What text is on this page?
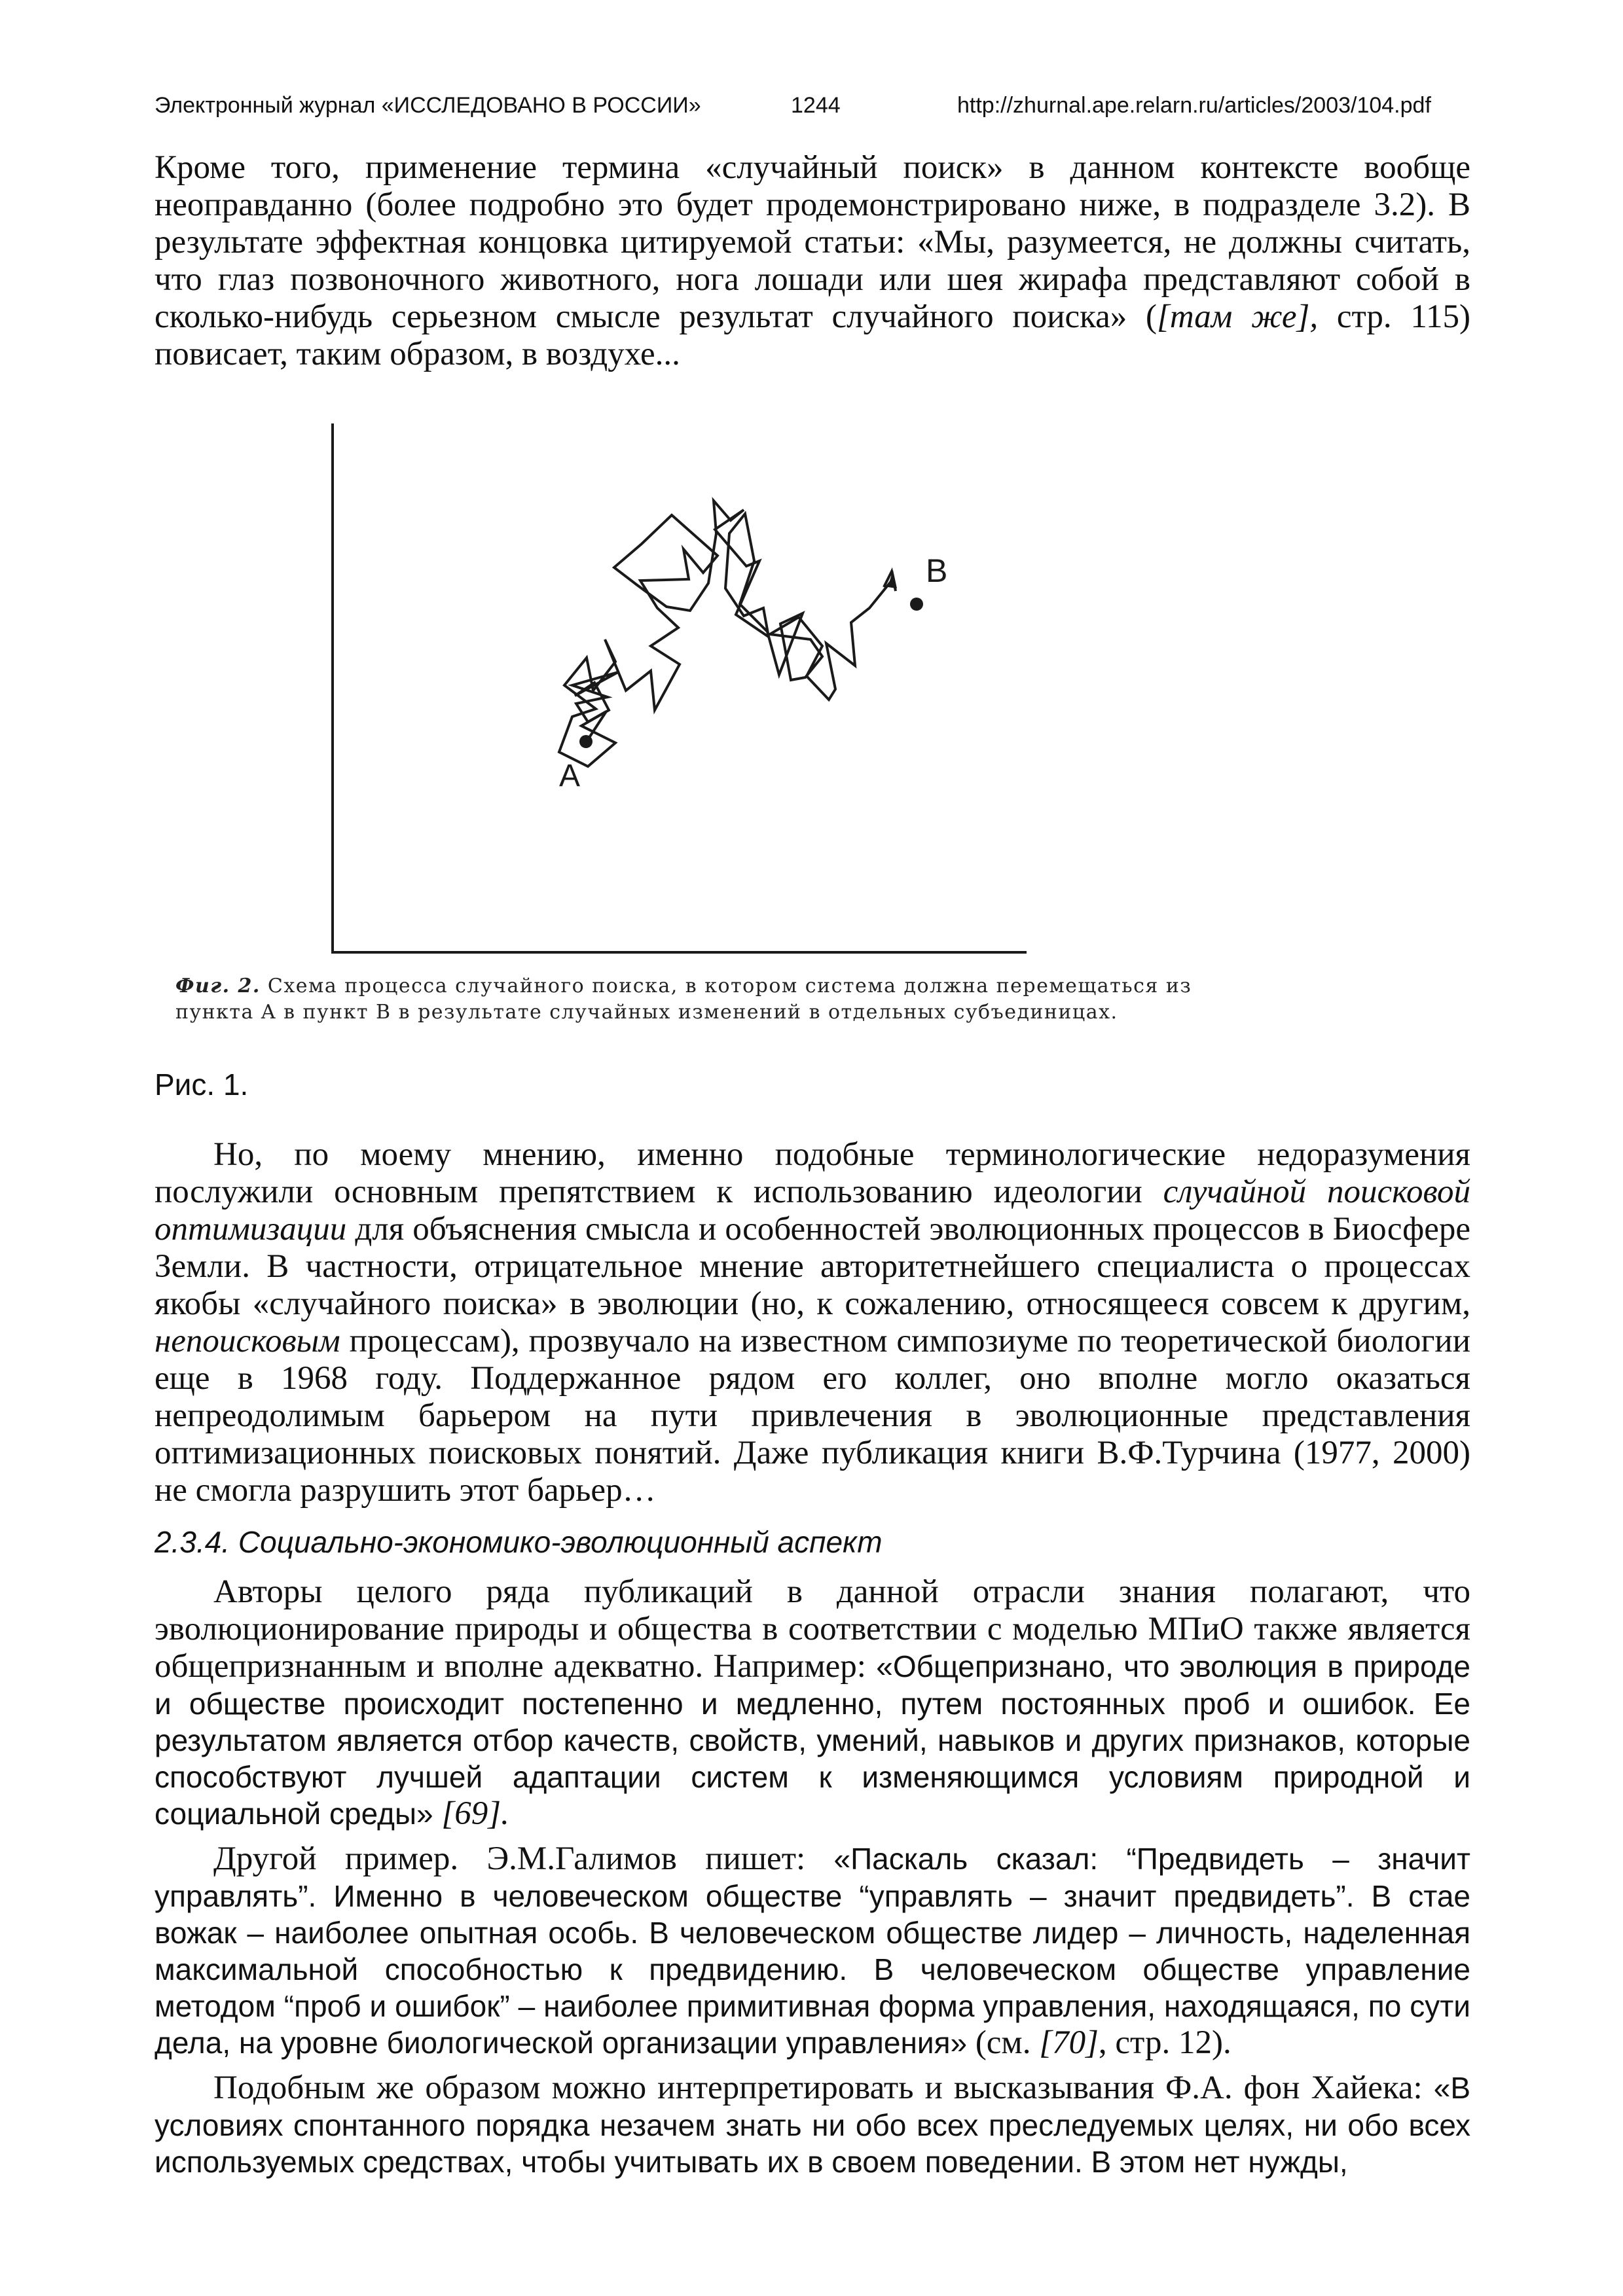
Электронный журнал «ИССЛЕДОВАНО В РОССИИ»	1244	http://zhurnal.ape.relarn.ru/articles/2003/104.pdf

Кроме того, применение термина «случайный поиск» в данном контексте вообще неоправданно (более подробно это будет продемонстрировано ниже, в подразделе 3.2). В результате эффектная концовка цитируемой статьи: «Мы, разумеется, не должны считать, что глаз позвоночного животного, нога лошади или шея жирафа представляют собой в сколько-нибудь серьезном смысле результат случайного поиска» ([там же], стр. 115) повисает, таким образом, в воздухе...

A
B
Фиг. 2. Схема процесса случайного поиска, в котором система должна перемещаться из пункта A в пункт B в результате случайных изменений в отдельных субъединицах.
Рис. 1.

Но, по моему мнению, именно подобные терминологические недоразумения послужили основным препятствием к использованию идеологии случайной поисковой оптимизации для объяснения смысла и особенностей эволюционных процессов в Биосфере Земли. В частности, отрицательное мнение авторитетнейшего специалиста о процессах якобы «случайного поиска» в эволюции (но, к сожалению, относящееся совсем к другим, непоисковым процессам), прозвучало на известном симпозиуме по теоретической биологии еще в 1968 году. Поддержанное рядом его коллег, оно вполне могло оказаться непреодолимым барьером на пути привлечения в эволюционные представления оптимизационных поисковых понятий. Даже публикация книги В.Ф.Турчина (1977, 2000) не смогла разрушить этот барьер…

2.3.4. Социально-экономико-эволюционный аспект

Авторы целого ряда публикаций в данной отрасли знания полагают, что эволюционирование природы и общества в соответствии с моделью МПиО также является общепризнанным и вполне адекватно. Например: «Общепризнано, что эволюция в природе и обществе происходит постепенно и медленно, путем постоянных проб и ошибок. Ее результатом является отбор качеств, свойств, умений, навыков и других признаков, которые способствуют лучшей адаптации систем к изменяющимся условиям природной и социальной среды» [69].

Другой пример. Э.М.Галимов пишет: «Паскаль сказал: “Предвидеть – значит управлять”. Именно в человеческом обществе “управлять – значит предвидеть”. В стае вожак – наиболее опытная особь. В человеческом обществе лидер – личность, наделенная максимальной способностью к предвидению. В человеческом обществе управление методом “проб и ошибок” – наиболее примитивная форма управления, находящаяся, по сути дела, на уровне биологической организации управления» (см. [70], стр. 12).

Подобным же образом можно интерпретировать и высказывания Ф.А. фон Хайека: «В условиях спонтанного порядка незачем знать ни обо всех преследуемых целях, ни обо всех используемых средствах, чтобы учитывать их в своем поведении. В этом нет нужды,
